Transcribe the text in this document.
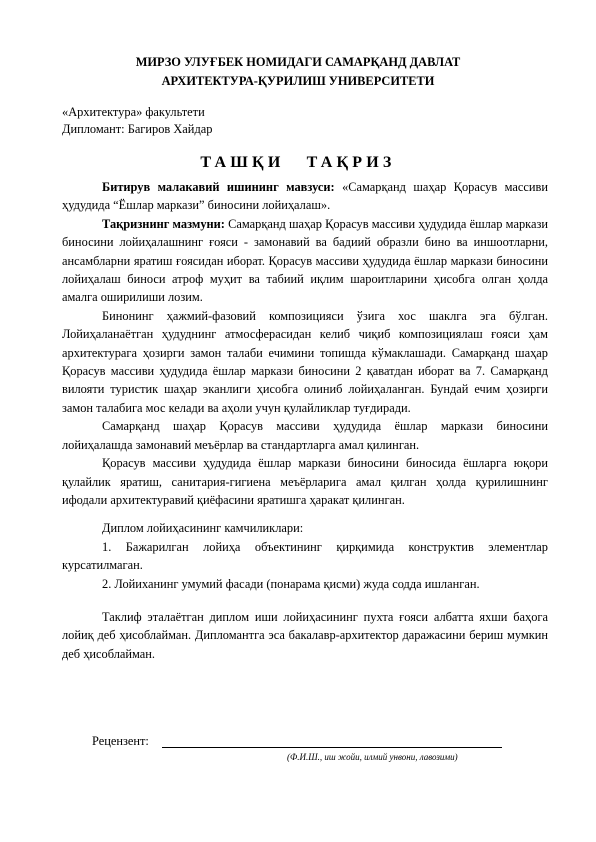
МИРЗО УЛУҒБЕК НОМИДАГИ САМАРҚАНД ДАВЛАТ
АРХИТЕКТУРА-ҚУРИЛИШ УНИВЕРСИТЕТИ
«Архитектура» факультети
Дипломант: Багиров Хайдар
ТАШҚИ ТАҚРИЗ

Битирув малакавий ишининг мавзуси: «Самарқанд шаҳар Қорасув массиви ҳудудида “Ёшлар маркази” биносини лойиҳалаш».

Тақризнинг мазмуни: Самарқанд шаҳар Қорасув массиви ҳудудида ёшлар маркази биносини лойиҳалашнинг ғояси - замонавий ва бадиий образли бино ва иншоотларни, ансамбларни яратиш ғоясидан иборат. Қорасув массиви ҳудудида ёшлар маркази биносини лойиҳалаш биноси атроф муҳит ва табиий иқлим шароитларини ҳисобга олган ҳолда амалга оширилиши лозим.

Бинонинг ҳажмий-фазовий композицияси ўзига хос шаклга эга бўлган. Лойиҳаланаётган ҳудуднинг атмосферасидан келиб чиқиб композициялаш ғояси ҳам архитектурага ҳозирги замон талаби ечимини топишда кўмаклашади. Самарқанд шаҳар Қорасув массиви ҳудудида ёшлар маркази биносини 2 қаватдан иборат ва 7. Самарқанд вилояти туристик шаҳар эканлиги ҳисобга олиниб лойиҳаланган. Бундай ечим ҳозирги замон талабига мос келади ва аҳоли учун қулайликлар туғдиради.

Самарқанд шаҳар Қорасув массиви ҳудудида ёшлар маркази биносини лойиҳалашда замонавий меъёрлар ва стандартларга амал қилинган.

Қорасув массиви ҳудудида ёшлар маркази биноcини биносида ёшларга юқори қулайлик яратиш, санитария-гигиена меъёрларига амал қилган ҳолда қурилишнинг ифодали архитектуравий қиёфасини яратишга ҳаракат қилинган.

Диплом лойиҳасининг камчиликлари:

1. Бажарилган лойиҳа объектининг қирқимида конструктив элементлар курсатилмаган.

2. Лойиханинг умумий фасади (понарама қисми) жуда содда ишланган.

Таклиф эталаётган диплом иши лойиҳасининг пухта ғояси албатта яхши баҳога лойиқ деб ҳисоблайман. Дипломантга эса бакалавр-архитектор даражасини бериш мумкин деб ҳисоблайман.

Рецензент:
(Ф.И.Ш., иш жойи, илмий унвони, лавозими)
